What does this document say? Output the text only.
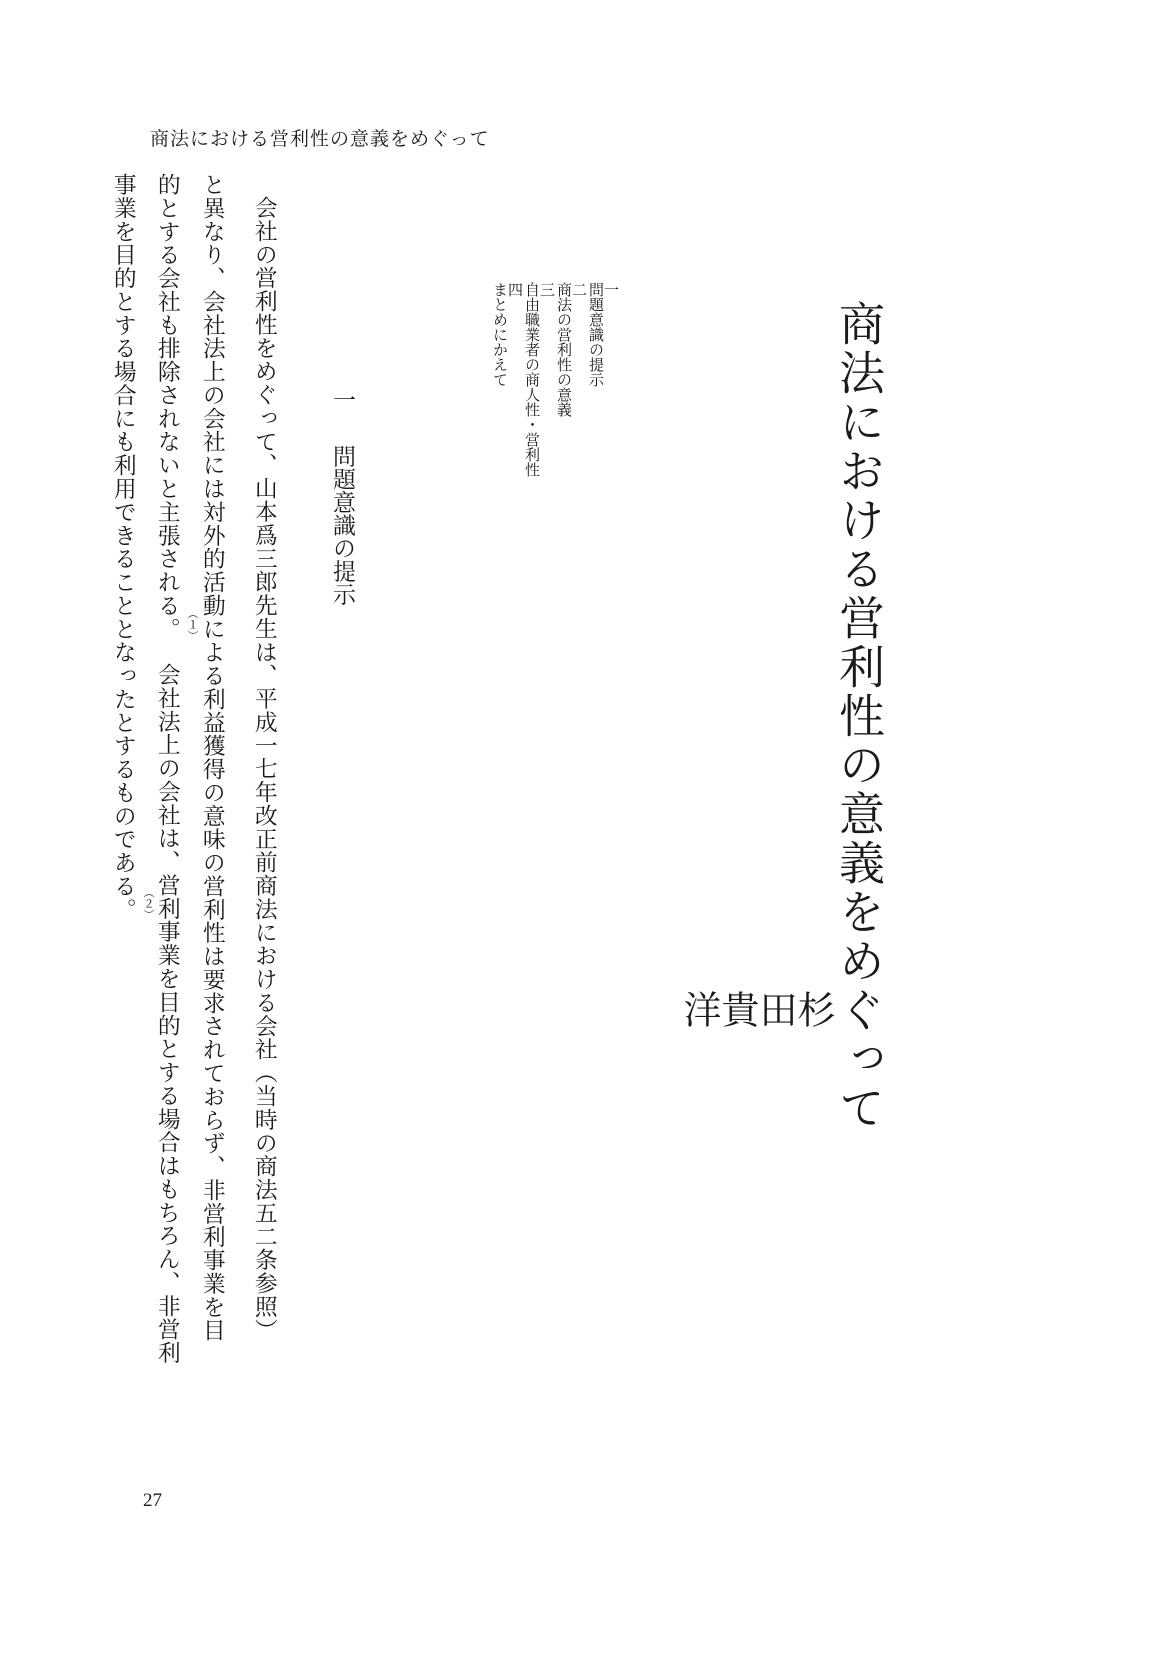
商法における営利性の意義をめぐって
商法における営利性の意義をめぐって
杉
田
貴
洋
一
問題意識の提示
二
商法の営利性の意義
三
自由職業者の商人性・営利性
四
まとめにかえて
一 問題意識の提示
会社の営利性をめぐって、山本爲三郎先生は、平成一七年改正前商法における会社（当時の商法五二条参照）
と異なり、会社法上の会社には対外的活動による利益獲得の意味の営利性は要求されておらず、非営利事業を目
的とする会社も排除されないと主張される。会社法上の会社は、営利事業を目的とする場合はもちろん、非営利
事業を目的とする場合にも利用できることとなったとするものである。	（１）
（２）
27
